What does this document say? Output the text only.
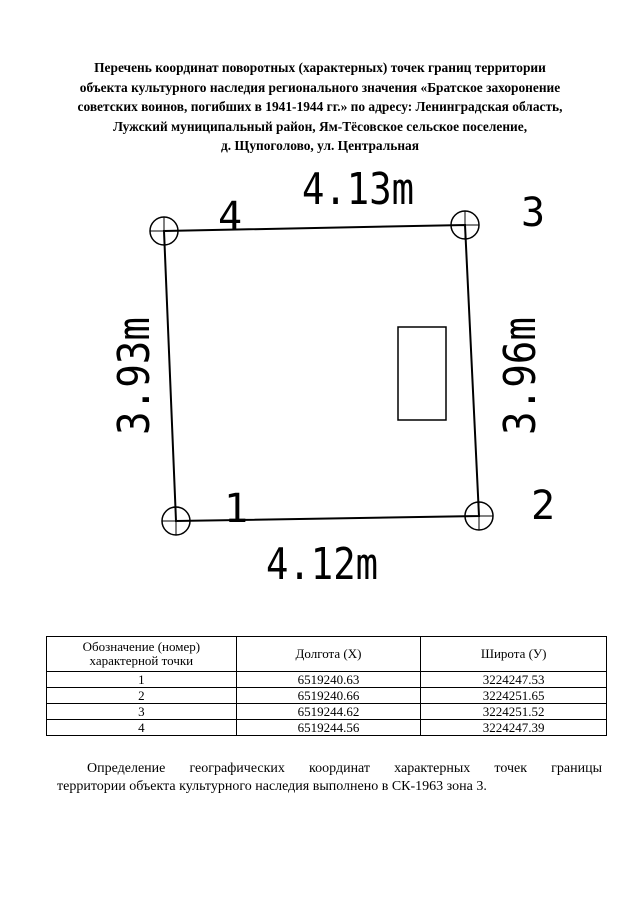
Перечень координат поворотных (характерных) точек границ территории
объекта культурного наследия регионального значения «Братское захоронение
советских воинов, погибших в 1941-1944 гг.» по адресу: Ленинградская область,
Лужский муниципальный район, Ям-Тёсовское сельское поселение,
д. Щупоголово, ул. Центральная
4.13m
4.12m
3.93m	3.96m
1	2
3
4
Обозначение (номер) характерной точки	Долгота (X)	Широта (У)
1	6519240.63	3224247.53
2	6519240.66	3224251.65
3	6519244.62	3224251.52
4	6519244.56	3224247.39
Определение географических координат характерных точек границы
территории объекта культурного наследия выполнено в СК-1963 зона 3.
